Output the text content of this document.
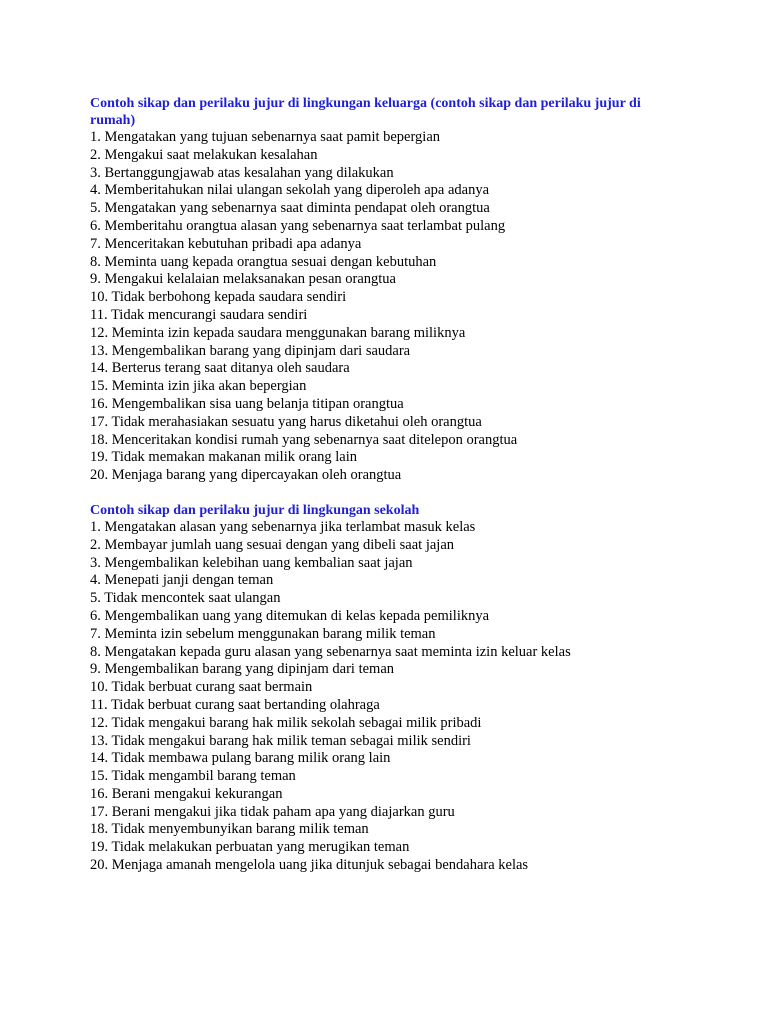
Contoh sikap dan perilaku jujur di lingkungan keluarga (contoh sikap dan perilaku jujur di rumah)
1. Mengatakan yang tujuan sebenarnya saat pamit bepergian
2. Mengakui saat melakukan kesalahan
3. Bertanggungjawab atas kesalahan yang dilakukan
4. Memberitahukan nilai ulangan sekolah yang diperoleh apa adanya
5. Mengatakan yang sebenarnya saat diminta pendapat oleh orangtua
6. Memberitahu orangtua alasan yang sebenarnya saat terlambat pulang
7. Menceritakan kebutuhan pribadi apa adanya
8. Meminta uang kepada orangtua sesuai dengan kebutuhan
9. Mengakui kelalaian melaksanakan pesan orangtua
10. Tidak berbohong kepada saudara sendiri
11. Tidak mencurangi saudara sendiri
12. Meminta izin kepada saudara menggunakan barang miliknya
13. Mengembalikan barang yang dipinjam dari saudara
14. Berterus terang saat ditanya oleh saudara
15. Meminta izin jika akan bepergian
16. Mengembalikan sisa uang belanja titipan orangtua
17. Tidak merahasiakan sesuatu yang harus diketahui oleh orangtua
18. Menceritakan kondisi rumah yang sebenarnya saat ditelepon orangtua
19. Tidak memakan makanan milik orang lain
20. Menjaga barang yang dipercayakan oleh orangtua
Contoh sikap dan perilaku jujur di lingkungan sekolah
1. Mengatakan alasan yang sebenarnya jika terlambat masuk kelas
2. Membayar jumlah uang sesuai dengan yang dibeli saat jajan
3. Mengembalikan kelebihan uang kembalian saat jajan
4. Menepati janji dengan teman
5. Tidak mencontek saat ulangan
6. Mengembalikan uang yang ditemukan di kelas kepada pemiliknya
7. Meminta izin sebelum menggunakan barang milik teman
8. Mengatakan kepada guru alasan yang sebenarnya saat meminta izin keluar kelas
9. Mengembalikan barang yang dipinjam dari teman
10. Tidak berbuat curang saat bermain
11. Tidak berbuat curang saat bertanding olahraga
12. Tidak mengakui barang hak milik sekolah sebagai milik pribadi
13. Tidak mengakui barang hak milik teman sebagai milik sendiri
14. Tidak membawa pulang barang milik orang lain
15. Tidak mengambil barang teman
16. Berani mengakui kekurangan
17. Berani mengakui jika tidak paham apa yang diajarkan guru
18. Tidak menyembunyikan barang milik teman
19. Tidak melakukan perbuatan yang merugikan teman
20. Menjaga amanah mengelola uang jika ditunjuk sebagai bendahara kelas
